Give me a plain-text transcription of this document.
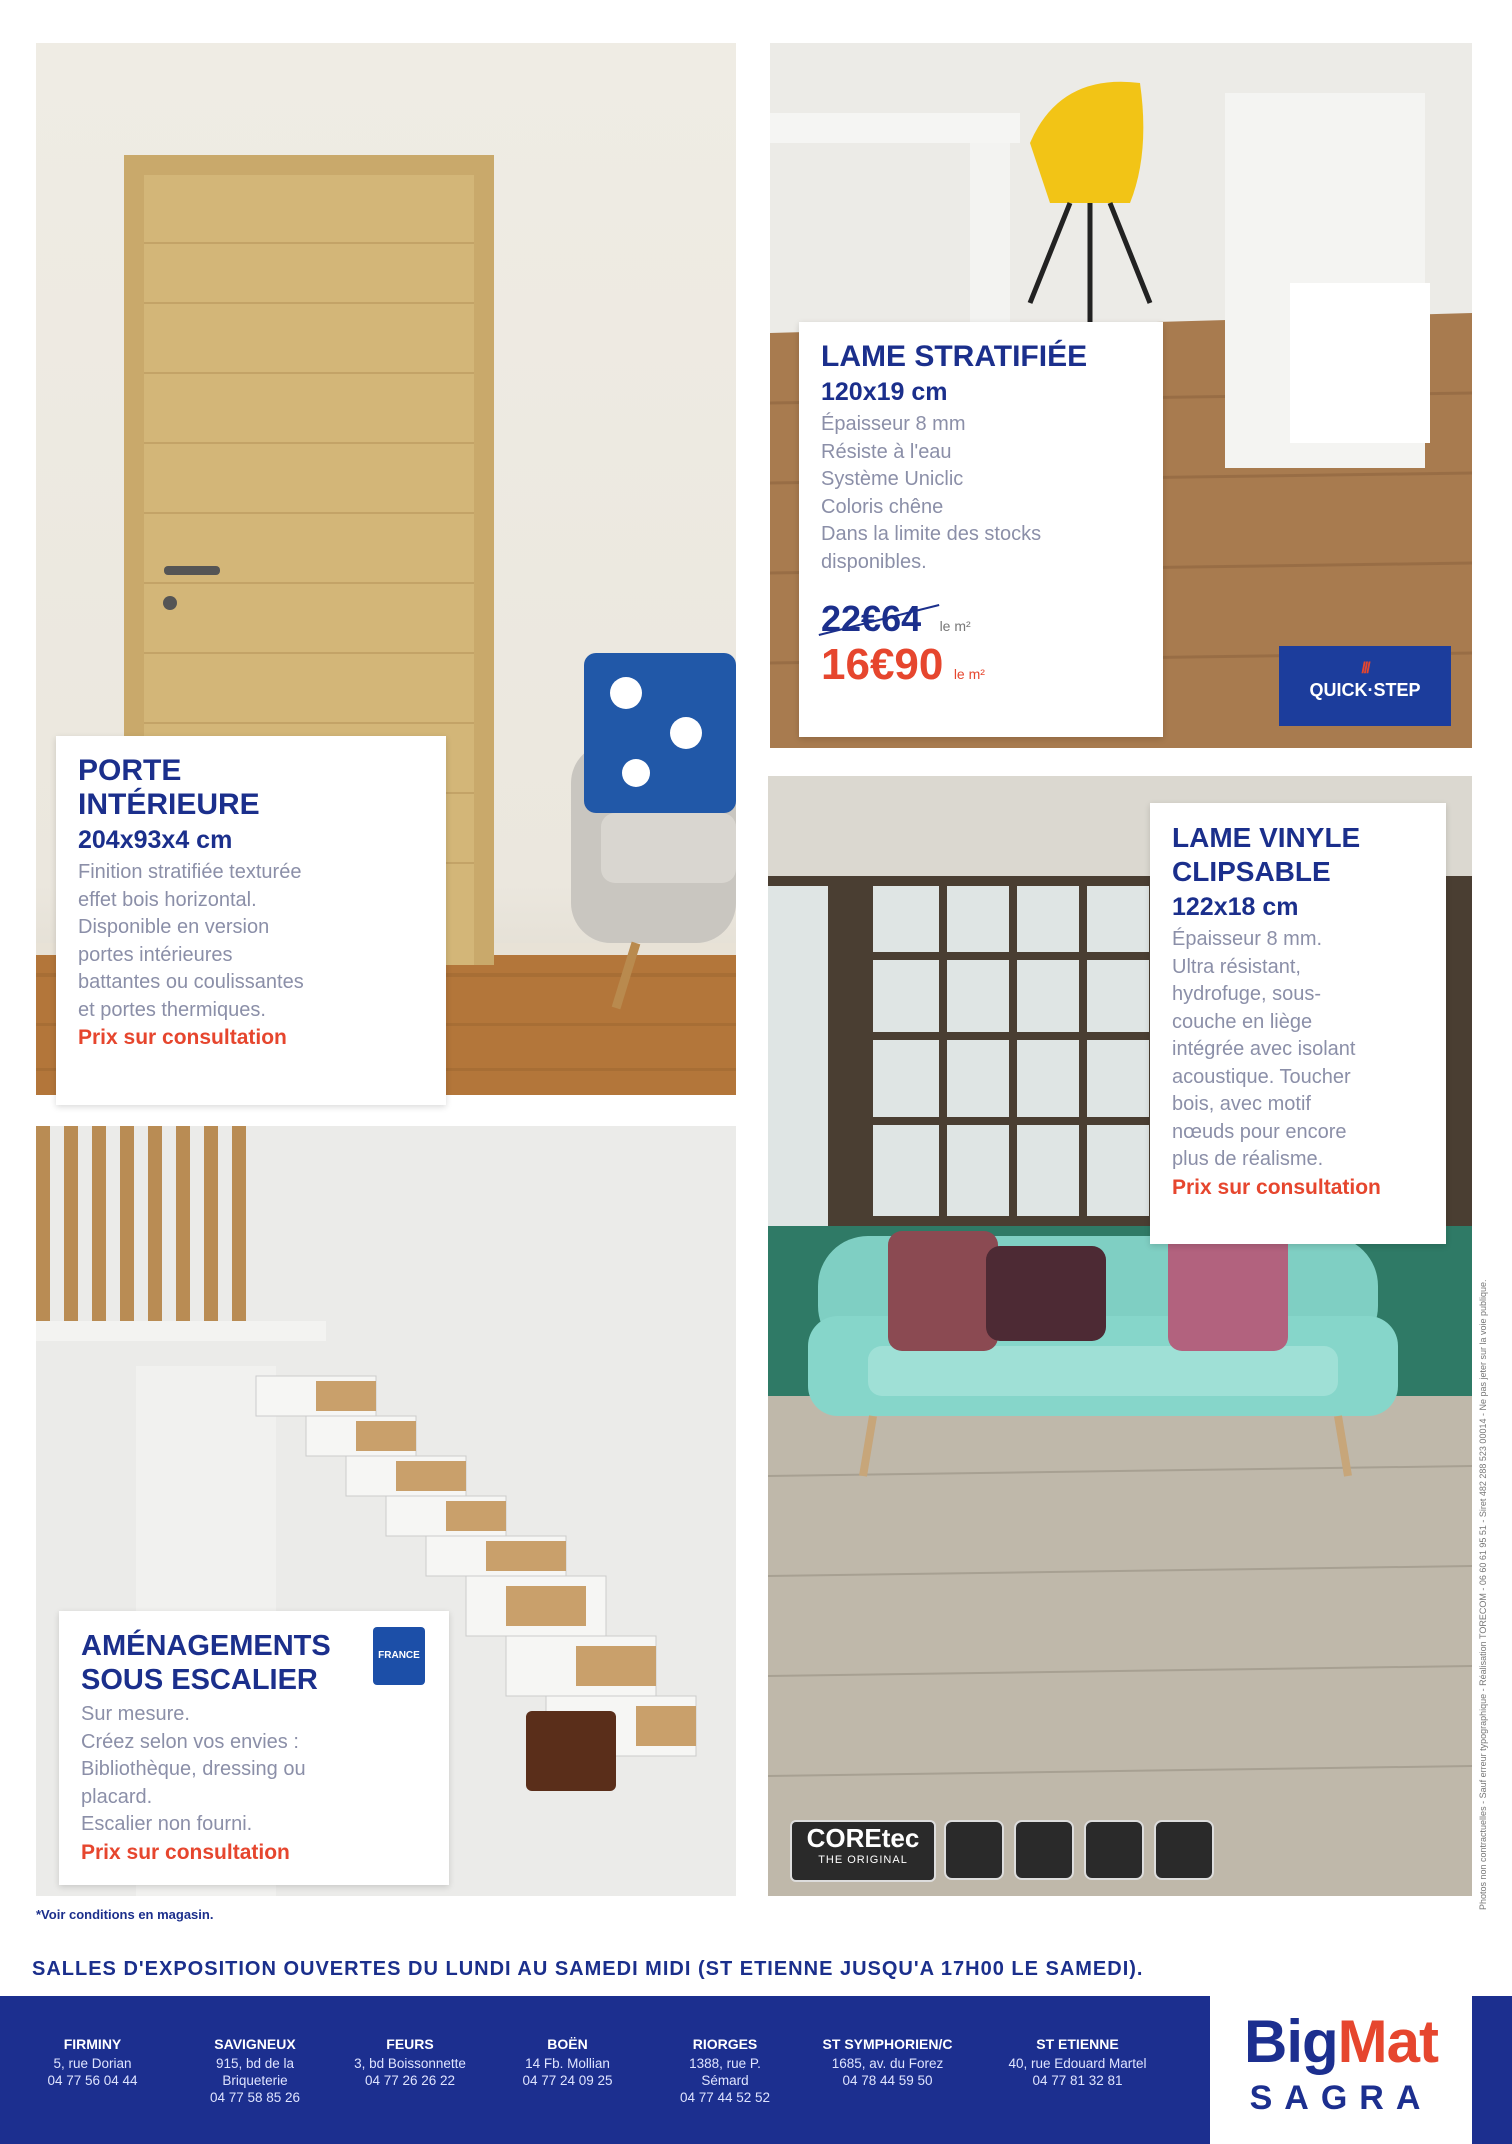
LAME STRATIFIÉE
120x19 cm
Épaisseur 8 mm
Résiste à l'eau
Système Uniclic
Coloris chêne
Dans la limite des stocks
disponibles.
22€64 le m²
16€90 le m²	///
QUICK·STEP
PORTE
INTÉRIEURE
204x93x4 cm
Finition stratifiée texturée
effet bois horizontal.
Disponible en version
portes intérieures
battantes ou coulissantes
et portes thermiques.
Prix sur consultation
AMÉNAGEMENTS
SOUS ESCALIER
Sur mesure.
Créez selon vos envies :
Bibliothèque, dressing ou
placard.
Escalier non fourni.
Prix sur consultation
FRANCE
LAME VINYLE
CLIPSABLE
122x18 cm
Épaisseur 8 mm.
Ultra résistant,
hydrofuge, sous-
couche en liège
intégrée avec isolant
acoustique. Toucher
bois, avec motif
nœuds pour encore
plus de réalisme.
Prix sur consultation
COREtec
THE ORIGINAL	Photos non contractuelles - Sauf erreur typographique - Réalisation TORECOM - 06 60 61 95 51 - Siret 482 288 523 00014 - Ne pas jeter sur la voie publique.
*Voir conditions en magasin.
SALLES D'EXPOSITION OUVERTES DU LUNDI AU SAMEDI MIDI (ST ETIENNE JUSQU'A 17H00 LE SAMEDI).
FIRMINY
5, rue Dorian
04 77 56 04 44
SAVIGNEUX
915, bd de la
Briqueterie
04 77 58 85 26
FEURS
3, bd Boissonnette
04 77 26 26 22
BOËN
14 Fb. Mollian
04 77 24 09 25
RIORGES
1388, rue P.
Sémard
04 77 44 52 52
ST SYMPHORIEN/C
1685, av. du Forez
04 78 44 59 50
ST ETIENNE
40, rue Edouard Martel
04 77 81 32 81
BigMat
SAGRA
